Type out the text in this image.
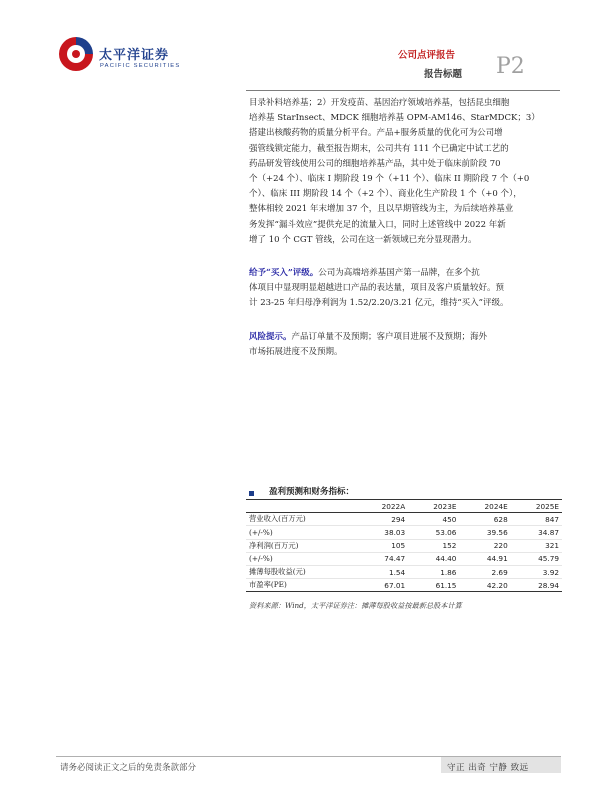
太平洋证券
PACIFIC SECURITIES
公司点评报告
报告标题 P2
目录补料培养基；2）开发疫苗、基因治疗领域培养基，包括昆虫细胞
培养基 StarInsect、MDCK 细胞培养基 OPM-AM146、StarMDCK；3）
搭建出核酸药物的质量分析平台。产品+服务质量的优化可为公司增
强管线锁定能力，截至报告期末，公司共有 111 个已确定中试工艺的
药品研发管线使用公司的细胞培养基产品，其中处于临床前阶段 70
个（+24 个）、临床 I 期阶段 19 个（+11 个）、临床 II 期阶段 7 个（+0
个）、临床 III 期阶段 14 个（+2 个）、商业化生产阶段 1 个（+0 个），
整体相较 2021 年末增加 37 个，且以早期管线为主，为后续培养基业
务发挥“漏斗效应”提供充足的流量入口，同时上述管线中 2022 年新
增了 10 个 CGT 管线，公司在这一新领域已充分显现潜力。
给予“买入”评级。公司为高端培养基国产第一品牌，在多个抗
体项目中显现明显超越进口产品的表达量，项目及客户质量较好。预
计 23-25 年归母净利润为 1.52/2.20/3.21 亿元，维持“买入”评级。
风险提示。产品订单量不及预期；客户项目进展不及预期；海外
市场拓展进度不及预期。
盈利预测和财务指标：
	2022A	2023E	2024E	2025E
营业收入(百万元)	294	450	628	847
(+/-%)	38.03	53.06	39.56	34.87
净利润(百万元)	105	152	220	321
(+/-%)	74.47	44.40	44.91	45.79
摊薄每股收益(元)	1.54	1.86	2.69	3.92
市盈率(PE)	67.01	61.15	42.20	28.94
资料来源：Wind，太平洋证券注：摊薄每股收益按最新总股本计算
请务必阅读正文之后的免责条款部分	守正 出奇 宁静 致远
